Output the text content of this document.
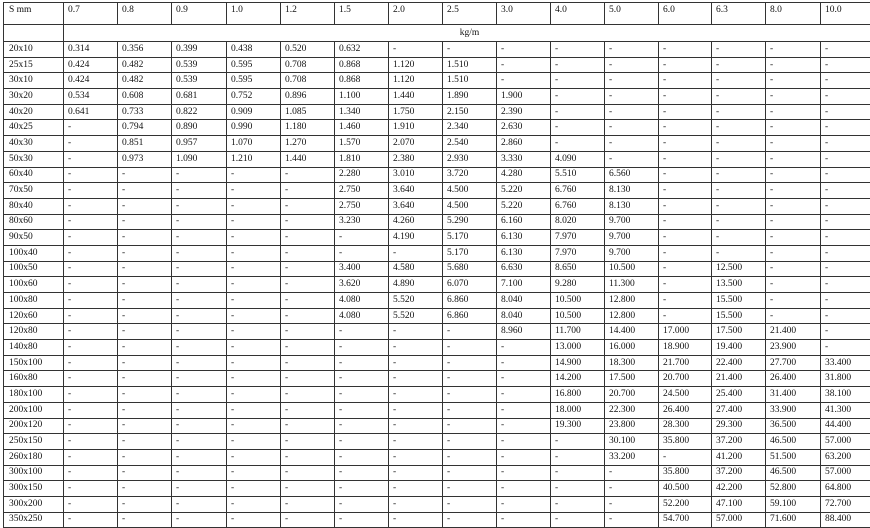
S mm	0.7	0.8	0.9	1.0	1.2	1.5	2.0	2.5	3.0	4.0	5.0	6.0	6.3	8.0	10.0
	kg/m														
20x10	0.314	0.356	0.399	0.438	0.520	0.632	-	-	-	-	-	-	-	-	-
25x15	0.424	0.482	0.539	0.595	0.708	0.868	1.120	1.510	-	-	-	-	-	-	-
30x10	0.424	0.482	0.539	0.595	0.708	0.868	1.120	1.510	-	-	-	-	-	-	-
30x20	0.534	0.608	0.681	0.752	0.896	1.100	1.440	1.890	1.900	-	-	-	-	-	-
40x20	0.641	0.733	0.822	0.909	1.085	1.340	1.750	2.150	2.390	-	-	-	-	-	-
40x25	-	0.794	0.890	0.990	1.180	1.460	1.910	2.340	2.630	-	-	-	-	-	-
40x30	-	0.851	0.957	1.070	1.270	1.570	2.070	2.540	2.860	-	-	-	-	-	-
50x30	-	0.973	1.090	1.210	1.440	1.810	2.380	2.930	3.330	4.090	-	-	-	-	-
60x40	-	-	-	-	-	2.280	3.010	3.720	4.280	5.510	6.560	-	-	-	-
70x50	-	-	-	-	-	2.750	3.640	4.500	5.220	6.760	8.130	-	-	-	-
80x40	-	-	-	-	-	2.750	3.640	4.500	5.220	6.760	8.130	-	-	-	-
80x60	-	-	-	-	-	3.230	4.260	5.290	6.160	8.020	9.700	-	-	-	-
90x50	-	-	-	-	-	-	4.190	5.170	6.130	7.970	9.700	-	-	-	-
100x40	-	-	-	-	-	-	-	5.170	6.130	7.970	9.700	-	-	-	-
100x50	-	-	-	-	-	3.400	4.580	5.680	6.630	8.650	10.500	-	12.500	-	-
100x60	-	-	-	-	-	3.620	4.890	6.070	7.100	9.280	11.300	-	13.500	-	-
100x80	-	-	-	-	-	4.080	5.520	6.860	8.040	10.500	12.800	-	15.500	-	-
120x60	-	-	-	-	-	4.080	5.520	6.860	8.040	10.500	12.800	-	15.500	-	-
120x80	-	-	-	-	-	-	-	-	8.960	11.700	14.400	17.000	17.500	21.400	-
140x80	-	-	-	-	-	-	-	-	-	13.000	16.000	18.900	19.400	23.900	-
150x100	-	-	-	-	-	-	-	-	-	14.900	18.300	21.700	22.400	27.700	33.400
160x80	-	-	-	-	-	-	-	-	-	14.200	17.500	20.700	21.400	26.400	31.800
180x100	-	-	-	-	-	-	-	-	-	16.800	20.700	24.500	25.400	31.400	38.100
200x100	-	-	-	-	-	-	-	-	-	18.000	22.300	26.400	27.400	33.900	41.300
200x120	-	-	-	-	-	-	-	-	-	19.300	23.800	28.300	29.300	36.500	44.400
250x150	-	-	-	-	-	-	-	-	-	-	30.100	35.800	37.200	46.500	57.000
260x180	-	-	-	-	-	-	-	-	-	-	33.200	-	41.200	51.500	63.200
300x100	-	-	-	-	-	-	-	-	-	-	-	35.800	37.200	46.500	57.000
300x150	-	-	-	-	-	-	-	-	-	-	-	40.500	42.200	52.800	64.800
300x200	-	-	-	-	-	-	-	-	-	-	-	52.200	47.100	59.100	72.700
350x250	-	-	-	-	-	-	-	-	-	-	-	54.700	57.000	71.600	88.400
